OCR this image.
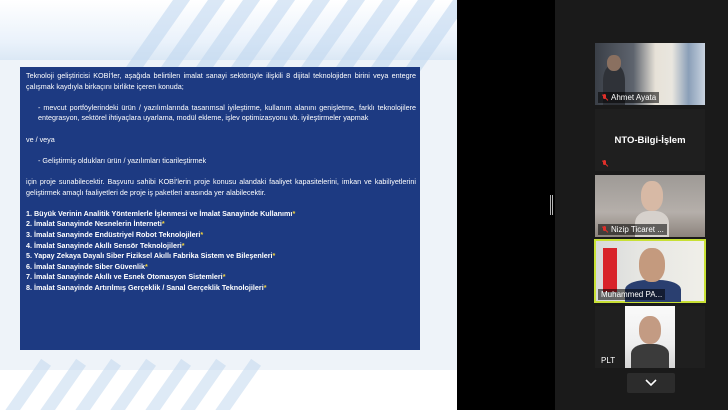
Teknoloji geliştiricisi KOBİ'ler, aşağıda belirtilen imalat sanayi sektörüyle ilişkili 8 dijital teknolojiden birini veya entegre çalışmak kaydıyla birkaçını birlikte içeren konuda;

- mevcut portföylerindeki ürün / yazılımlarında tasarımsal iyileştirme, kullanım alanını genişletme, farklı teknolojilere entegrasyon, sektörel ihtiyaçlara uyarlama, modül ekleme, işlev optimizasyonu vb. iyileştirmeler yapmak

ve / veya

- Geliştirmiş oldukları ürün / yazılımları ticarileştirmek

için proje sunabilecektir. Başvuru sahibi KOBİ'lerin proje konusu alandaki faaliyet kapasitelerini, imkan ve kabiliyetlerini geliştirmek amaçlı faaliyetleri de proje iş paketleri arasında yer alabilecektir.

1. Büyük Verinin Analitik Yöntemlerle İşlenmesi ve İmalat Sanayinde Kullanımı*
2. İmalat Sanayinde Nesnelerin İnterneti*
3. İmalat Sanayinde Endüstriyel Robot Teknolojileri*
4. İmalat Sanayinde Akıllı Sensör Teknolojileri*
5. Yapay Zekaya Dayalı Siber Fiziksel Akıllı Fabrika Sistem ve Bileşenleri*
6. İmalat Sanayinde Siber Güvenlik*
7. İmalat Sanayinde Akıllı ve Esnek Otomasyon Sistemleri*
8. İmalat Sanayinde Artırılmış Gerçeklik / Sanal Gerçeklik Teknolojileri*
43
Ahmet Ayata
NTO-Bilgi-İşlem
Nizip Ticaret ...
Muhammed PA...
PLT
